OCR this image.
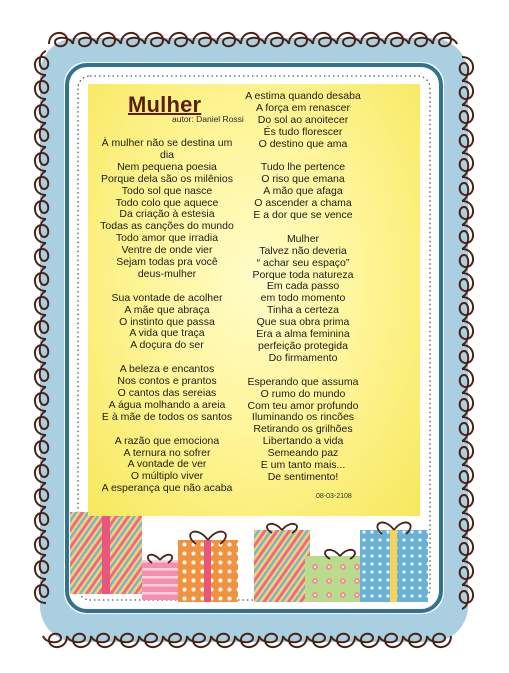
Mulher
autor: Daniel Rossi
À mulher não se destina um
dia
Nem pequena poesia
Porque dela são os milênios
Todo sol que nasce
Todo colo que aquece
Da criação à estesia
Todas as canções do mundo
Todo amor que irradia
Ventre de onde vier
Sejam todas pra você
deus-mulher
Sua vontade de acolher
A mãe que abraça
O instinto que passa
A vida que traça
A doçura do ser
A beleza e encantos
Nos contos e prantos
O cantos das sereias
A água molhando a areia
E à mãe de todos os santos
A razão que emociona
A ternura no sofrer
A vontade de ver
O múltiplo viver
A esperança que não acaba
A estima quando desaba
A força em renascer
Do sol ao anoitecer
És tudo florescer
O destino que ama
Tudo lhe pertence
O riso que emana
A mão que afaga
O ascender a chama
E a dor que se vence
Mulher
Talvez não deveria
“ achar seu espaço”
Porque toda natureza
Em cada passo
em todo momento
Tinha a certeza
Que sua obra prima
Era a alma feminina
perfeição protegida
Do firmamento
Esperando que assuma
O rumo do mundo
Com teu amor profundo
Iluminando os rincões
Retirando os grilhões
Libertando a vida
Semeando paz
E um tanto mais...
De sentimento!
08-03-2108
